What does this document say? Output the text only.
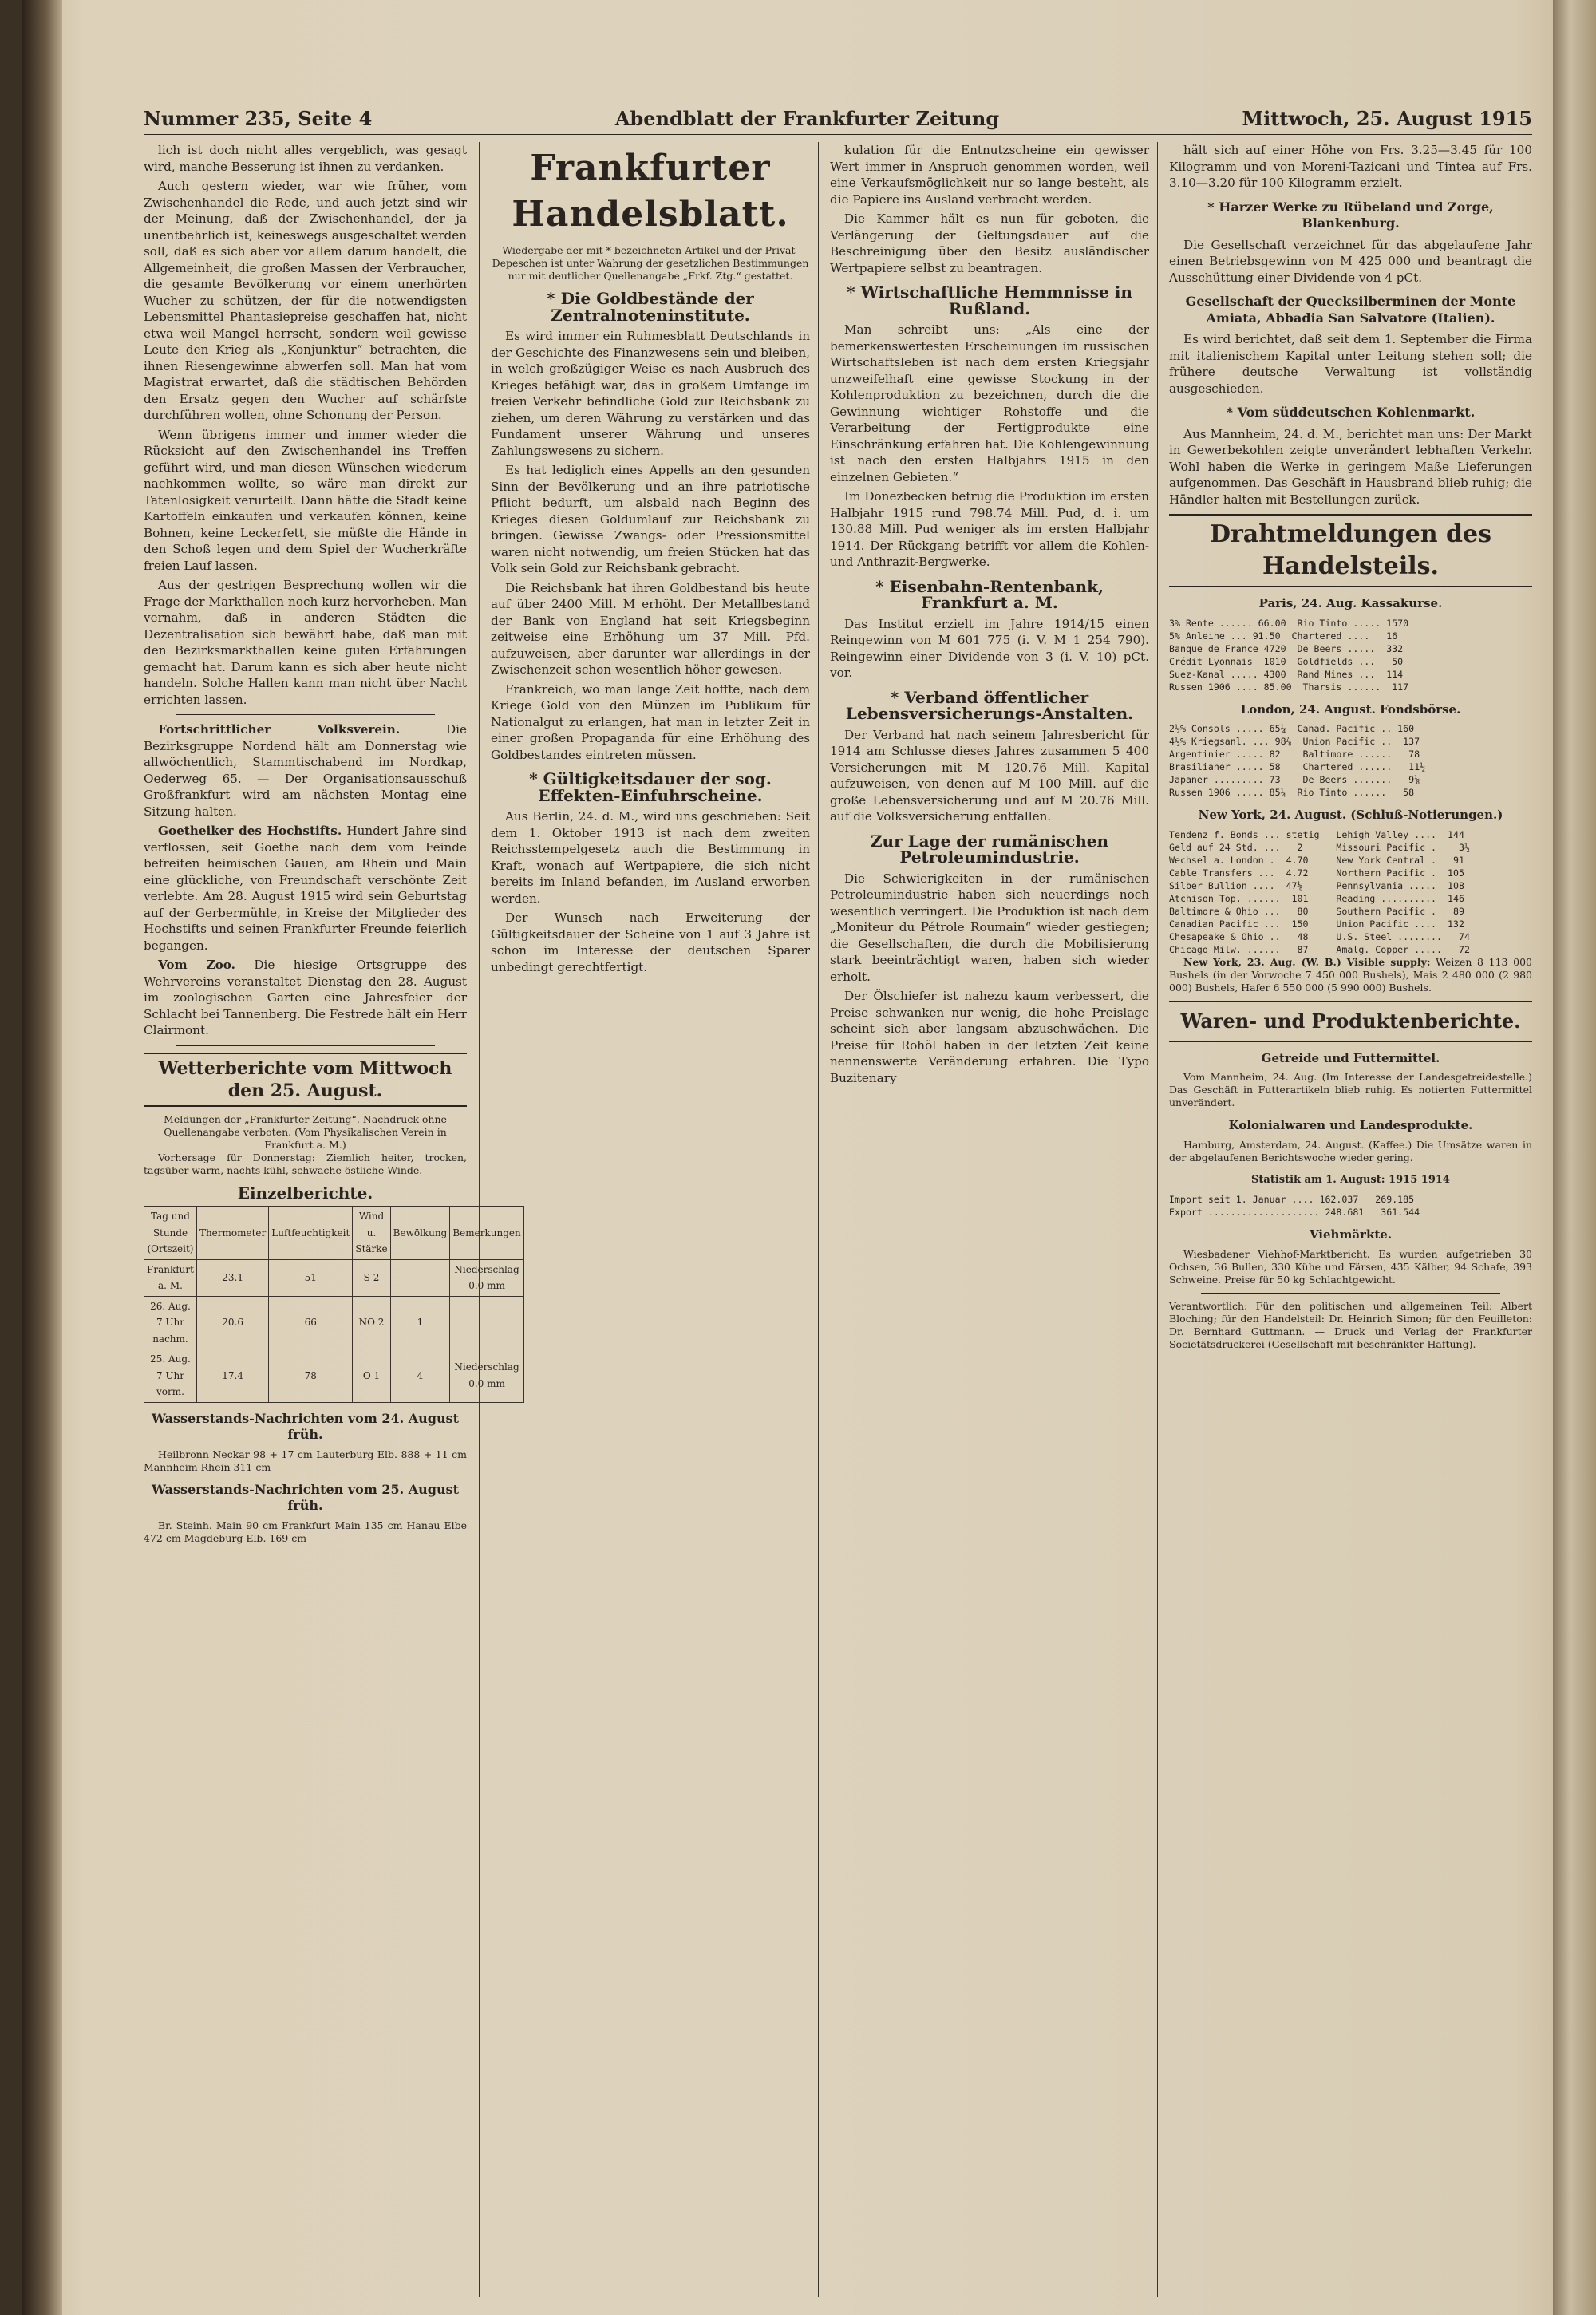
Nummer 235, Seite 4	Abendblatt der Frankfurter Zeitung	Mittwoch, 25. August 1915

lich ist doch nicht alles vergeblich, was gesagt wird, manche Besserung ist ihnen zu verdanken.

Auch gestern wieder, war wie früher, vom Zwischenhandel die Rede, und auch jetzt sind wir der Meinung, daß der Zwischenhandel, der ja unentbehrlich ist, keineswegs ausgeschaltet werden soll, daß es sich aber vor allem darum handelt, die Allgemeinheit, die großen Massen der Verbraucher, die gesamte Bevölkerung vor einem unerhörten Wucher zu schützen, der für die notwendigsten Lebensmittel Phantasiepreise geschaffen hat, nicht etwa weil Mangel herrscht, sondern weil gewisse Leute den Krieg als „Konjunktur“ betrachten, die ihnen Riesengewinne abwerfen soll. Man hat vom Magistrat erwartet, daß die städtischen Behörden den Ersatz gegen den Wucher auf schärfste durchführen wollen, ohne Schonung der Person.

Wenn übrigens immer und immer wieder die Rücksicht auf den Zwischenhandel ins Treffen geführt wird, und man diesen Wünschen wiederum nachkommen wollte, so wäre man direkt zur Tatenlosigkeit verurteilt. Dann hätte die Stadt keine Kartoffeln einkaufen und verkaufen können, keine Bohnen, keine Leckerfett, sie müßte die Hände in den Schoß legen und dem Spiel der Wucherkräfte freien Lauf lassen.

Aus der gestrigen Besprechung wollen wir die Frage der Markthallen noch kurz hervorheben. Man vernahm, daß in anderen Städten die Dezentralisation sich bewährt habe, daß man mit den Bezirksmarkthallen keine guten Erfahrungen gemacht hat. Darum kann es sich aber heute nicht handeln. Solche Hallen kann man nicht über Nacht errichten lassen.

Fortschrittlicher Volksverein.	Die Bezirksgruppe Nordend hält am Donnerstag wie allwöchentlich, Stammtischabend im Nordkap, Oederweg 65. — Der Organisationsausschuß Großfrankfurt wird am nächsten Montag eine Sitzung halten.

Goetheiker des Hochstifts. Hundert Jahre sind verflossen, seit Goethe nach dem vom Feinde befreiten heimischen Gauen, am Rhein und Main eine glückliche, von Freundschaft verschönte Zeit verlebte. Am 28. August 1915 wird sein Geburtstag auf der Gerbermühle, in Kreise der Mitglieder des Hochstifts und seinen Frankfurter Freunde feierlich begangen.

Vom Zoo. Die hiesige Ortsgruppe des Wehrvereins veranstaltet Dienstag den 28. August im zoologischen Garten eine Jahresfeier der Schlacht bei Tannenberg. Die Festrede hält ein Herr Clairmont.

Wetterberichte vom Mittwoch den 25. August.
Meldungen der „Frankfurter Zeitung“. Nachdruck ohne Quellenangabe verboten. (Vom Physikalischen Verein in Frankfurt a. M.)

Vorhersage für Donnerstag: Ziemlich heiter, trocken, tagsüber warm, nachts kühl, schwache östliche Winde.

Einzelberichte.
Tag und Stunde (Ortszeit)	Thermometer	Luftfeuchtigkeit	Wind u. Stärke	Bewölkung	Bemerkungen
Frankfurt a. M.	23.1	51	S 2	—	Niederschlag 0.0 mm
26. Aug. 7 Uhr nachm.	20.6	66	NO 2	1	
25. Aug. 7 Uhr vorm.	17.4	78	O 1	4	Niederschlag 0.0 mm
Wasserstands-Nachrichten vom 24. August früh.

Heilbronn Neckar 98 + 17 cm Lauterburg Elb. 888 + 11 cm Mannheim Rhein 311 cm

Wasserstands-Nachrichten vom 25. August früh.

Br. Steinh. Main 90 cm Frankfurt Main 135 cm Hanau Elbe 472 cm Magdeburg Elb. 169 cm

Frankfurter Handelsblatt.

Wiedergabe der mit * bezeichneten Artikel und der Privat-Depeschen ist unter Wahrung der gesetzlichen Bestimmungen nur mit deutlicher Quellenangabe „Frkf. Ztg.“ gestattet.

* Die Goldbestände der Zentralnoteninstitute.

Es wird immer ein Ruhmesblatt Deutschlands in der Geschichte des Finanzwesens sein und bleiben, in welch großzügiger Weise es nach Ausbruch des Krieges befähigt war, das in großem Umfange im freien Verkehr befindliche Gold zur Reichsbank zu ziehen, um deren Währung zu verstärken und das Fundament unserer Währung und unseres Zahlungswesens zu sichern.

Es hat lediglich eines Appells an den gesunden Sinn der Bevölkerung und an ihre patriotische Pflicht bedurft, um alsbald nach Beginn des Krieges diesen Goldumlauf zur Reichsbank zu bringen. Gewisse Zwangs- oder Pressionsmittel waren nicht notwendig, um freien Stücken hat das Volk sein Gold zur Reichsbank gebracht.

Die Reichsbank hat ihren Goldbestand bis heute auf über 2400 Mill. M erhöht. Der Metallbestand der Bank von England hat seit Kriegsbeginn zeitweise eine Erhöhung um 37 Mill. Pfd. aufzuweisen, aber darunter war allerdings in der Zwischenzeit schon wesentlich höher gewesen.

Frankreich, wo man lange Zeit hoffte, nach dem Kriege Gold von den Münzen im Publikum für Nationalgut zu erlangen, hat man in letzter Zeit in einer großen Propaganda für eine Erhöhung des Goldbestandes eintreten müssen.

* Gültigkeitsdauer der sog. Effekten-Einfuhrscheine.

Aus Berlin, 24. d. M., wird uns geschrieben: Seit dem 1. Oktober 1913 ist nach dem zweiten Reichsstempelgesetz auch die Bestimmung in Kraft, wonach auf Wertpapiere, die sich nicht bereits im Inland befanden, im Ausland erworben werden.

Der Wunsch nach Erweiterung der Gültigkeitsdauer der Scheine von 1 auf 3 Jahre ist schon im Interesse der deutschen Sparer unbedingt gerechtfertigt.

kulation für die Entnutzscheine ein gewisser Wert immer in Anspruch genommen worden, weil eine Verkaufsmöglichkeit nur so lange besteht, als die Papiere ins Ausland verbracht werden.

Die Kammer hält es nun für geboten, die Verlängerung der Geltungsdauer auf die Beschreinigung über den Besitz ausländischer Wertpapiere selbst zu beantragen.

* Wirtschaftliche Hemmnisse in Rußland.

Man schreibt uns: „Als eine der bemerkenswertesten Erscheinungen im russischen Wirtschaftsleben ist nach dem ersten Kriegsjahr unzweifelhaft eine gewisse Stockung in der Kohlenproduktion zu bezeichnen, durch die die Gewinnung wichtiger Rohstoffe und die Verarbeitung der Fertigprodukte eine Einschränkung erfahren hat. Die Kohlengewinnung ist nach den ersten Halbjahrs 1915 in den einzelnen Gebieten.“

Im Donezbecken betrug die Produktion im ersten Halbjahr 1915 rund 798.74 Mill. Pud, d. i. um 130.88 Mill. Pud weniger als im ersten Halbjahr 1914. Der Rückgang betrifft vor allem die Kohlen- und Anthrazit-Bergwerke.

* Eisenbahn-Rentenbank, Frankfurt a. M.

Das Institut erzielt im Jahre 1914/15 einen Reingewinn von M 601 775 (i. V. M 1 254 790). Reingewinn einer Dividende von 3 (i. V. 10) pCt. vor.

* Verband öffentlicher Lebensversicherungs-Anstalten.

Der Verband hat nach seinem Jahresbericht für 1914 am Schlusse dieses Jahres zusammen 5 400 Versicherungen mit M 120.76 Mill. Kapital aufzuweisen, von denen auf M 100 Mill. auf die große Lebensversicherung und auf M 20.76 Mill. auf die Volksversicherung entfallen.

Zur Lage der rumänischen Petroleumindustrie.

Die Schwierigkeiten in der rumänischen Petroleumindustrie haben sich neuerdings noch wesentlich verringert. Die Produktion ist nach dem „Moniteur du Pétrole Roumain“ wieder gestiegen; die Gesellschaften, die durch die Mobilisierung stark beeinträchtigt waren, haben sich wieder erholt.

Der Ölschiefer ist nahezu kaum verbessert, die Preise schwanken nur wenig, die hohe Preislage scheint sich aber langsam abzuschwächen. Die Preise für Rohöl haben in der letzten Zeit keine nennenswerte Veränderung erfahren. Die Typo Buzitenary

hält sich auf einer Höhe von Frs. 3.25—3.45 für 100 Kilogramm und von Moreni-Tazicani und Tintea auf Frs. 3.10—3.20 für 100 Kilogramm erzielt.

* Harzer Werke zu Rübeland und Zorge, Blankenburg.

Die Gesellschaft verzeichnet für das abgelaufene Jahr einen Betriebsgewinn von M 425 000 und beantragt die Ausschüttung einer Dividende von 4 pCt.

Gesellschaft der Quecksilberminen der Monte Amiata, Abbadia San Salvatore (Italien).

Es wird berichtet, daß seit dem 1. September die Firma mit italienischem Kapital unter Leitung stehen soll; die frühere deutsche Verwaltung ist vollständig ausgeschieden.

* Vom süddeutschen Kohlenmarkt.

Aus Mannheim, 24. d. M., berichtet man uns: Der Markt in Gewerbekohlen zeigte unverändert lebhaften Verkehr. Wohl haben die Werke in geringem Maße Lieferungen aufgenommen. Das Geschäft in Hausbrand blieb ruhig; die Händler halten mit Bestellungen zurück.

Drahtmeldungen des Handelsteils.
Paris, 24. Aug. Kassakurse.
3% Rente ...... 66.00  Rio Tinto ..... 1570
5% Anleihe ... 91.50  Chartered ....   16
Banque de France 4720  De Beers .....  332
Crédit Lyonnais  1010  Goldfields ...   50
Suez-Kanal ..... 4300  Rand Mines ...  114
Russen 1906 .... 85.00  Tharsis ......  117
London, 24. August. Fondsbörse.
2½% Consols ..... 65¼  Canad. Pacific .. 160
4½% Kriegsanl. ... 98⅞  Union Pacific ..  137
Argentinier ..... 82    Baltimore ......   78
Brasilianer ..... 58    Chartered ......   11½
Japaner ......... 73    De Beers .......   9⅛
Russen 1906 ..... 85¼  Rio Tinto ......   58
New York, 24. August. (Schluß-Notierungen.)
Tendenz f. Bonds ... stetig   Lehigh Valley ....  144
Geld auf 24 Std. ...   2      Missouri Pacific .    3½
Wechsel a. London .  4.70     New York Central .   91
Cable Transfers ...  4.72     Northern Pacific .  105
Silber Bullion ....  47⅛      Pennsylvania .....  108
Atchison Top. ......  101     Reading ..........  146
Baltimore & Ohio ...   80     Southern Pacific .   89
Canadian Pacific ...  150     Union Pacific ....  132
Chesapeake & Ohio ..   48     U.S. Steel ........   74
Chicago Milw. ......   87     Amalg. Copper .....   72

New York, 23. Aug. (W. B.) Visible supply: Weizen 8 113 000 Bushels (in der Vorwoche 7 450 000 Bushels), Mais 2 480 000 (2 980 000) Bushels, Hafer 6 550 000 (5 990 000) Bushels.

Waren- und Produktenberichte.
Getreide und Futtermittel.

Vom Mannheim, 24. Aug. (Im Interesse der Landesgetreidestelle.) Das Geschäft in Futterartikeln blieb ruhig. Es notierten Futtermittel unverändert.

Kolonialwaren und Landesprodukte.

Hamburg, Amsterdam, 24. August. (Kaffee.) Die Umsätze waren in der abgelaufenen Berichtswoche wieder gering.

Statistik am 1. August: 1915 1914
Import seit 1. Januar .... 162.037   269.185
Export .................... 248.681   361.544
Viehmärkte.

Wiesbadener Viehhof-Marktbericht. Es wurden aufgetrieben 30 Ochsen, 36 Bullen, 330 Kühe und Färsen, 435 Kälber, 94 Schafe, 393 Schweine. Preise für 50 kg Schlachtgewicht.

Verantwortlich: Für den politischen und allgemeinen Teil: Albert Bloching; für den Handelsteil: Dr. Heinrich Simon; für den Feuilleton: Dr. Bernhard Guttmann. — Druck und Verlag der Frankfurter Societätsdruckerei (Gesellschaft mit beschränkter Haftung).
